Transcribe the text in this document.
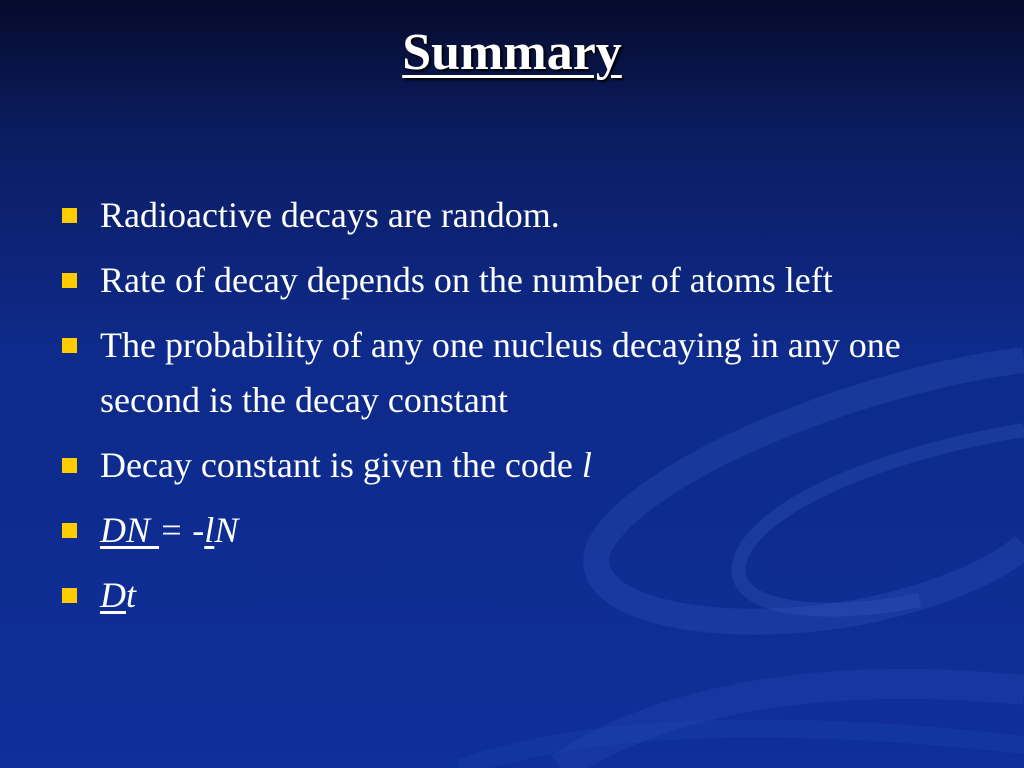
Summary
Radioactive decays are random.
Rate of decay depends on the number of atoms left
The probability of any one nucleus decaying in any one second is the decay constant
Decay constant is given the code l
DN = -lN
Dt
